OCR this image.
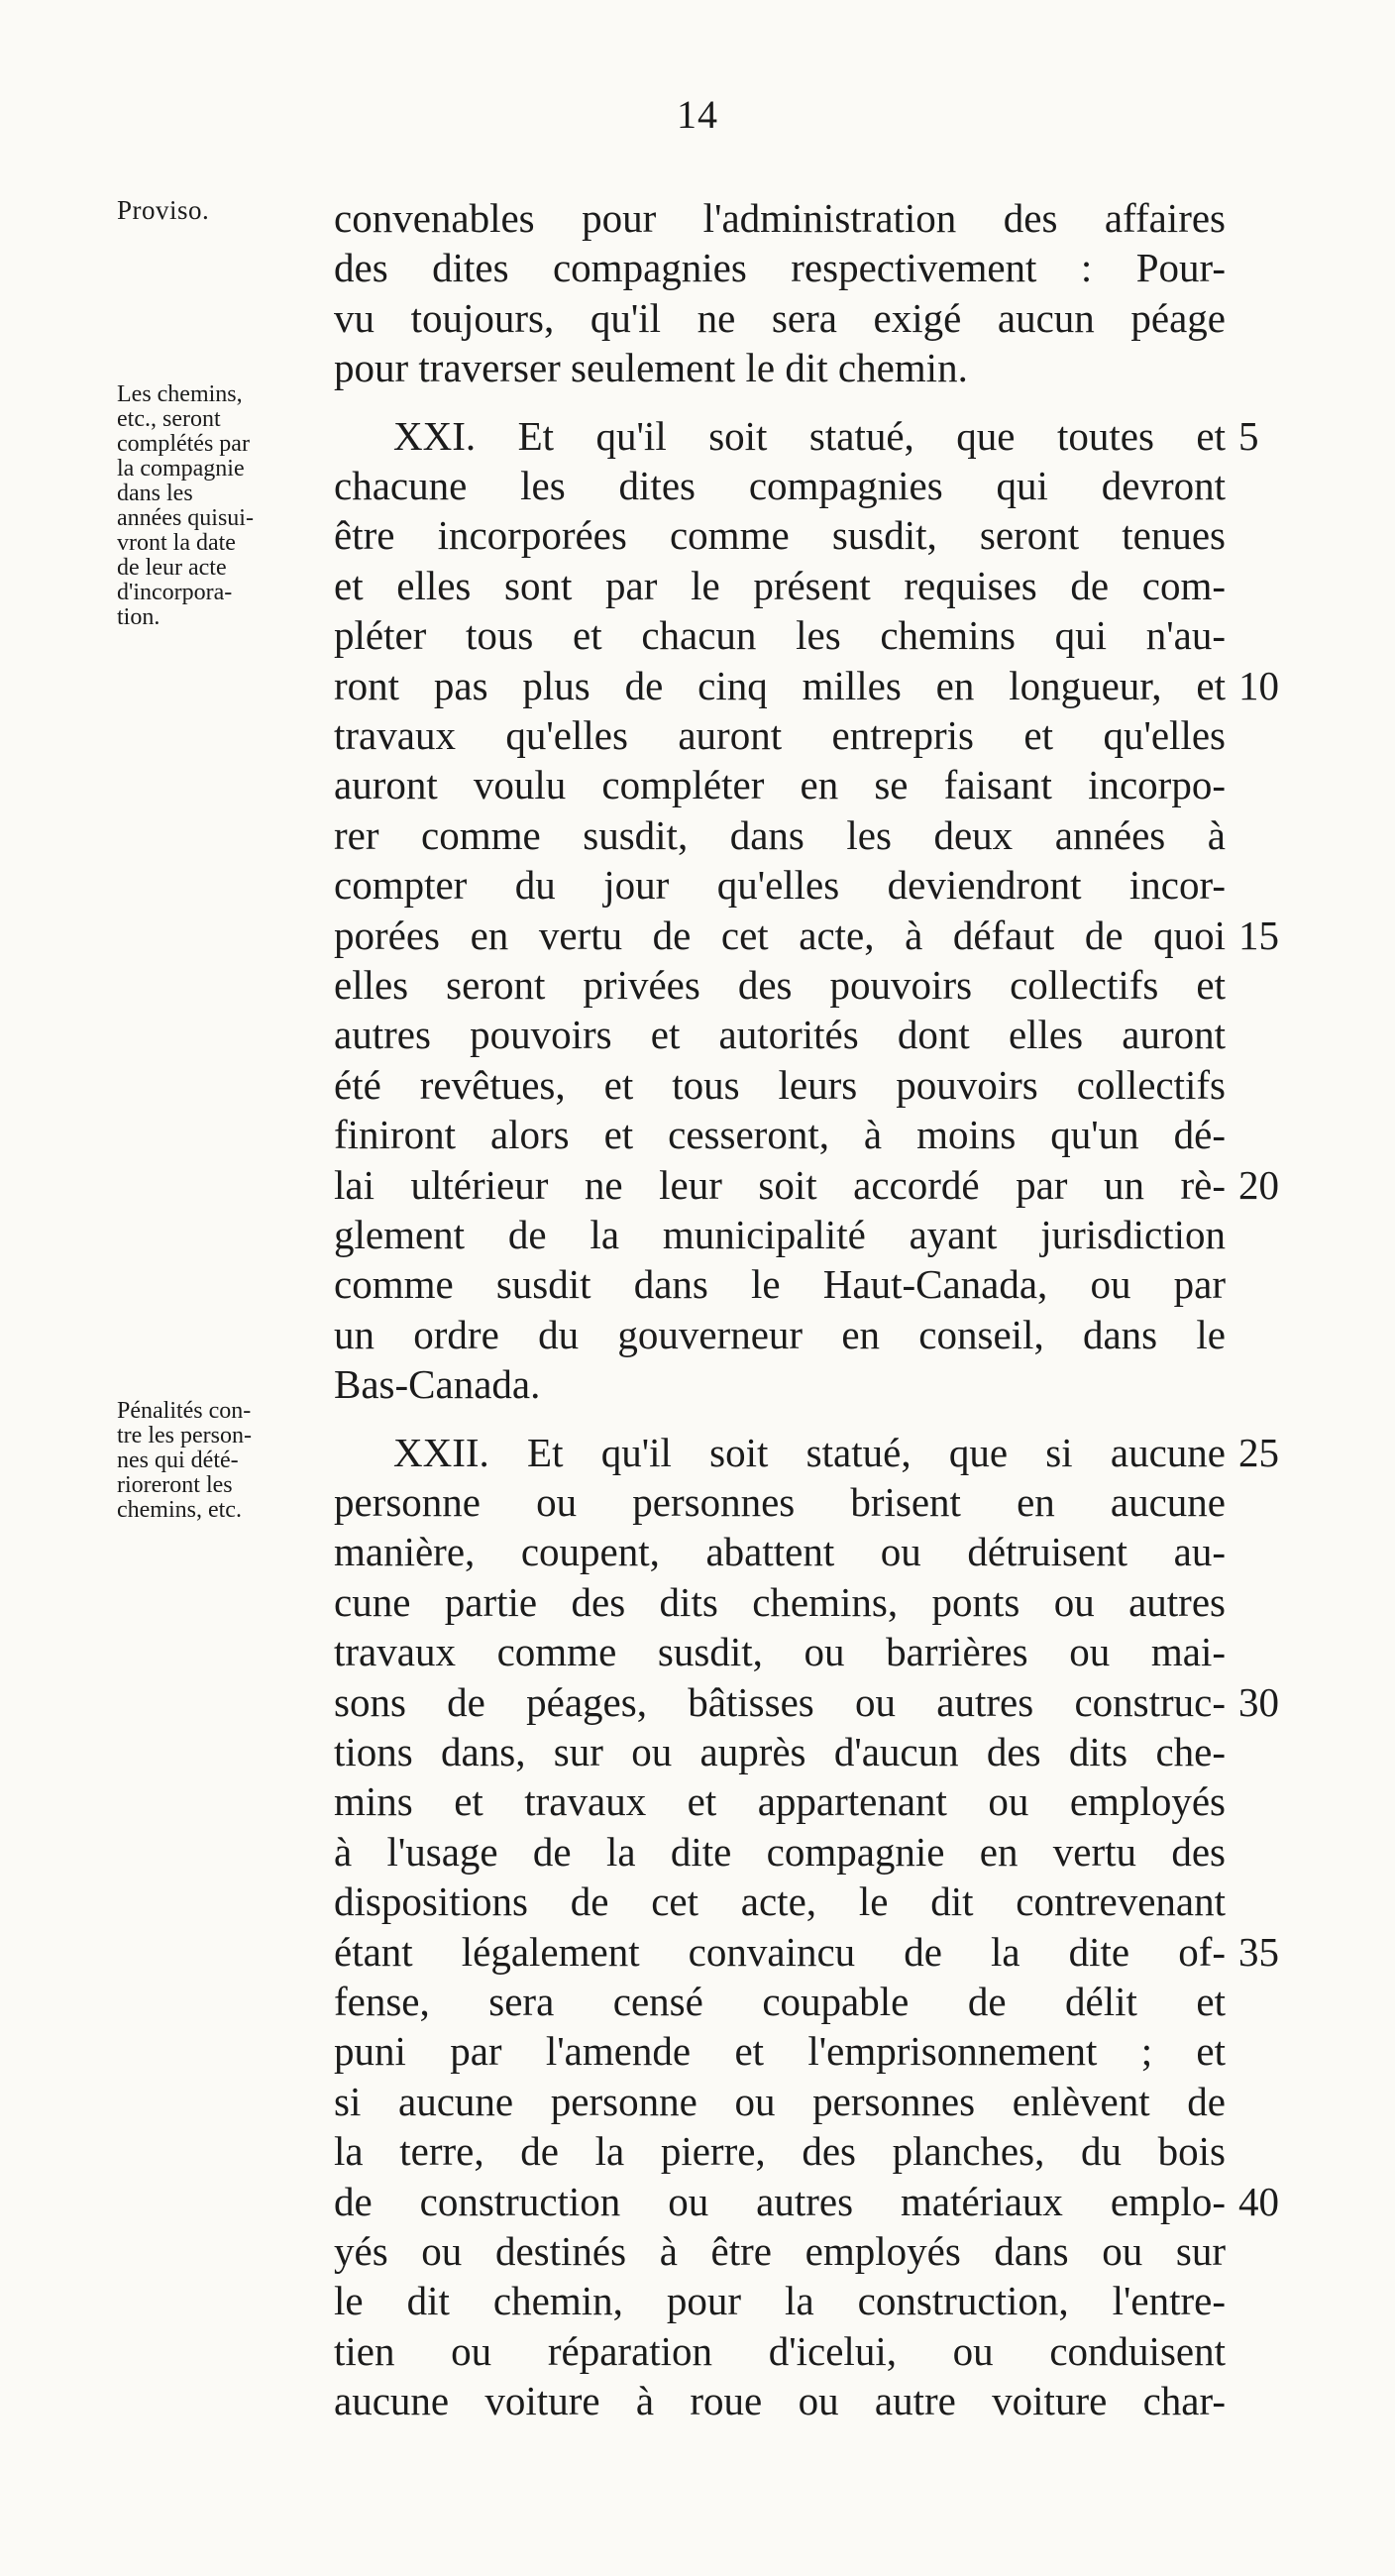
14
Proviso.
Les chemins,
etc., seront
complétés par
la compagnie
dans les
années quisui-
vront la date
de leur acte
d'incorpora-
tion.
Pénalités con-
tre les person-
nes qui dété-
rioreront les
chemins, etc.
convenables pour l'administration des affaires
des dites compagnies respectivement : Pour-
vu toujours, qu'il ne sera exigé aucun péage
pour traverser seulement le dit chemin.
XXI. Et qu'il soit statué, que toutes et
chacune les dites compagnies qui devront
être incorporées comme susdit, seront tenues
et elles sont par le présent requises de com-
pléter tous et chacun les chemins qui n'au-
ront pas plus de cinq milles en longueur, et
travaux qu'elles auront entrepris et qu'elles
auront voulu compléter en se faisant incorpo-
rer comme susdit, dans les deux années à
compter du jour qu'elles deviendront incor-
porées en vertu de cet acte, à défaut de quoi
elles seront privées des pouvoirs collectifs et
autres pouvoirs et autorités dont elles auront
été revêtues, et tous leurs pouvoirs collectifs
finiront alors et cesseront, à moins qu'un dé-
lai ultérieur ne leur soit accordé par un rè-
glement de la municipalité ayant jurisdiction
comme susdit dans le Haut-Canada, ou par
un ordre du gouverneur en conseil, dans le
Bas-Canada.
XXII. Et qu'il soit statué, que si aucune
personne ou personnes brisent en aucune
manière, coupent, abattent ou détruisent au-
cune partie des dits chemins, ponts ou autres
travaux comme susdit, ou barrières ou mai-
sons de péages, bâtisses ou autres construc-
tions dans, sur ou auprès d'aucun des dits che-
mins et travaux et appartenant ou employés
à l'usage de la dite compagnie en vertu des
dispositions de cet acte, le dit contrevenant
étant légalement convaincu de la dite of-
fense, sera censé coupable de délit et
puni par l'amende et l'emprisonnement ; et
si aucune personne ou personnes enlèvent de
la terre, de la pierre, des planches, du bois
de construction ou autres matériaux emplo-
yés ou destinés à être employés dans ou sur
le dit chemin, pour la construction, l'entre-
tien ou réparation d'icelui, ou conduisent
aucune voiture à roue ou autre voiture char-
5
10
15
20
25
30
35
40
